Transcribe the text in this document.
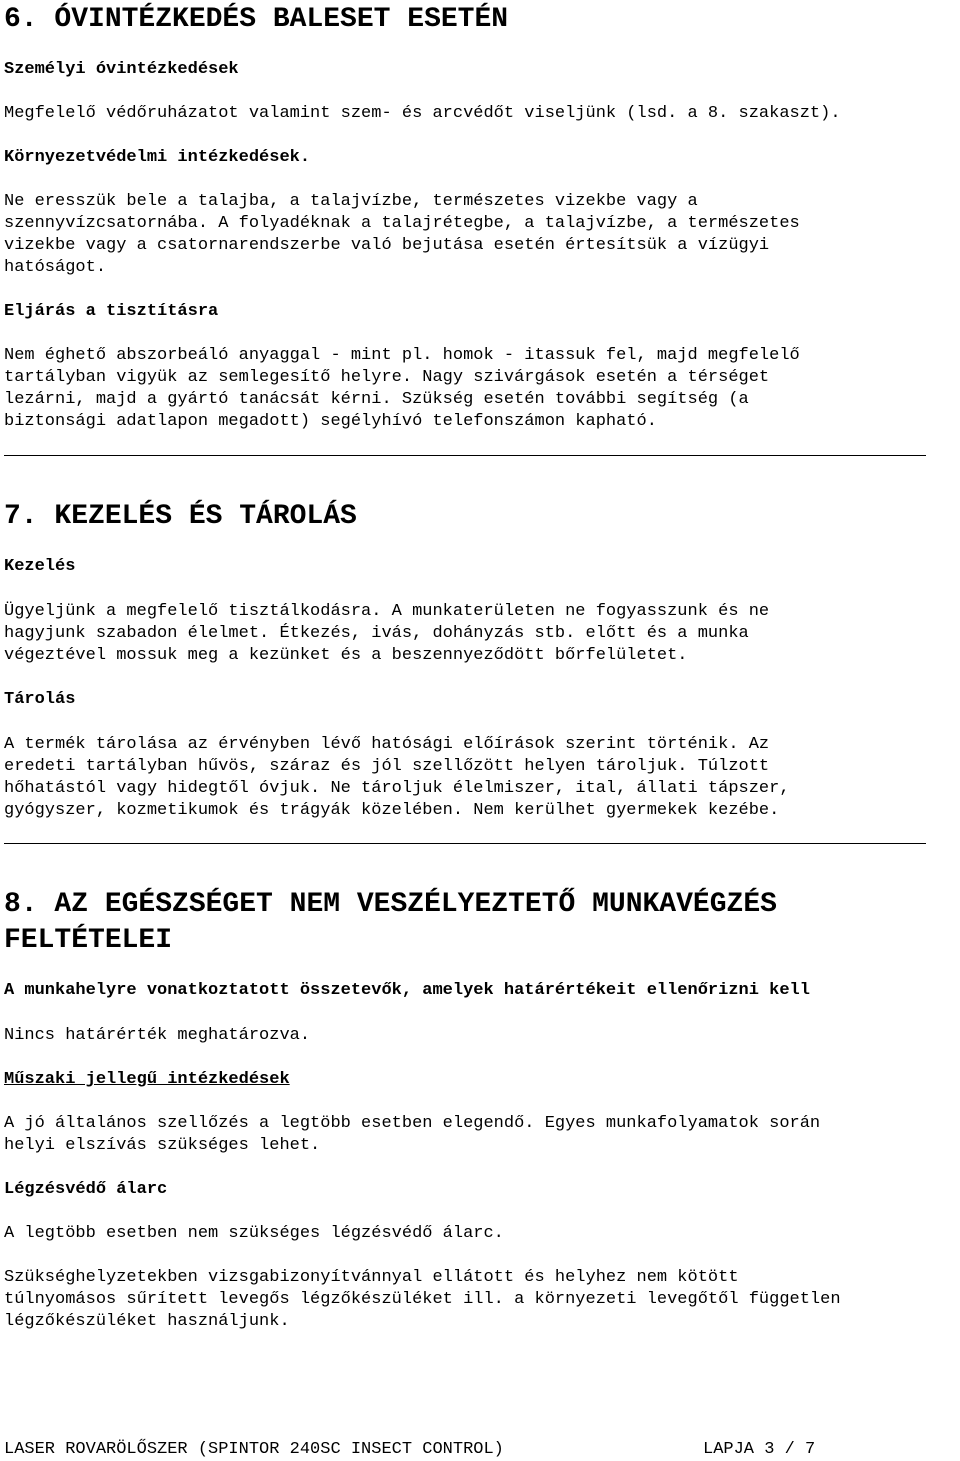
6. ÓVINTÉZKEDÉS BALESET ESETÉN
Személyi óvintézkedések
Megfelelő védőruházatot valamint szem- és arcvédőt viseljünk (lsd. a 8. szakaszt).
Környezetvédelmi intézkedések.
Ne eresszük bele a talajba, a talajvízbe, természetes vizekbe vagy a
szennyvízcsatornába. A folyadéknak a talajrétegbe, a talajvízbe, a természetes
vizekbe vagy a csatornarendszerbe való bejutása esetén értesítsük a vízügyi
hatóságot.
Eljárás a tisztításra
Nem éghető abszorbeáló anyaggal - mint pl. homok - itassuk fel, majd megfelelő
tartályban vigyük az semlegesítő helyre. Nagy szivárgások esetén a térséget
lezárni, majd a gyártó tanácsát kérni. Szükség esetén további segítség (a
biztonsági adatlapon megadott) segélyhívó telefonszámon kapható.
7. KEZELÉS ÉS TÁROLÁS
Kezelés
Ügyeljünk a megfelelő tisztálkodásra. A munkaterületen ne fogyasszunk és ne
hagyjunk szabadon élelmet. Étkezés, ivás, dohányzás stb. előtt és a munka
végeztével mossuk meg a kezünket és a beszennyeződött bőrfelületet.
Tárolás
A termék tárolása az érvényben lévő hatósági előírások szerint történik. Az
eredeti tartályban hűvös, száraz és jól szellőzött helyen tároljuk. Túlzott
hőhatástól vagy hidegtől óvjuk. Ne tároljuk élelmiszer, ital, állati tápszer,
gyógyszer, kozmetikumok és trágyák közelében. Nem kerülhet gyermekek kezébe.
8. AZ EGÉSZSÉGET NEM VESZÉLYEZTETŐ MUNKAVÉGZÉS
FELTÉTELEI
A munkahelyre vonatkoztatott összetevők, amelyek határértékeit ellenőrizni kell
Nincs határérték meghatározva.
Műszaki jellegű intézkedések
A jó általános szellőzés a legtöbb esetben elegendő. Egyes munkafolyamatok során
helyi elszívás szükséges lehet.
Légzésvédő álarc
A legtöbb esetben nem szükséges légzésvédő álarc.
Szükséghelyzetekben vizsgabizonyítvánnyal ellátott és helyhez nem kötött
túlnyomásos sűrített levegős légzőkészüléket ill. a környezeti levegőtől független
légzőkészüléket használjunk.
LASER ROVARÖLŐSZER (SPINTOR 240SC INSECT CONTROL)	LAPJA 3 / 7
